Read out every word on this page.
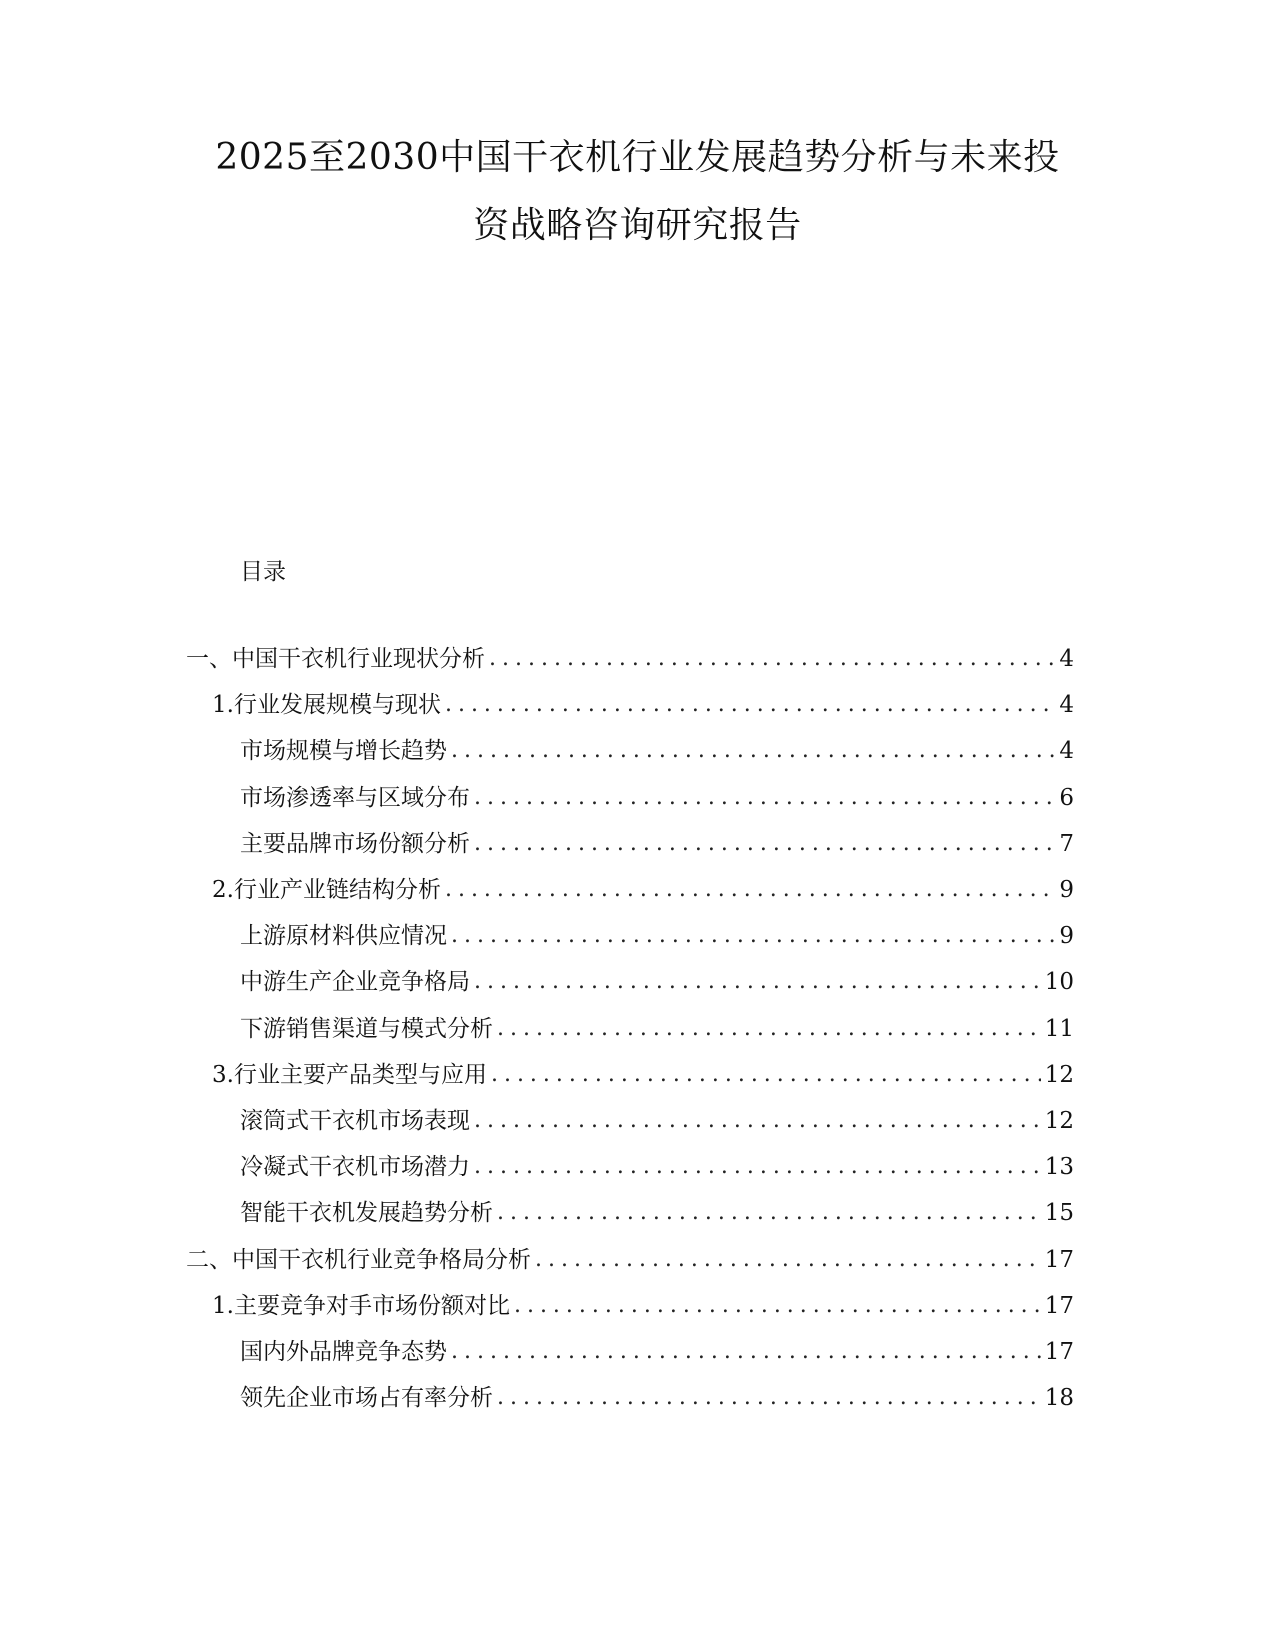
2025至2030中国干衣机行业发展趋势分析与未来投
资战略咨询研究报告
目录
一、中国干衣机行业现状分析 .....	4
1. 行业发展规模与现状 .....	4
市场规模与增长趋势 .....	4
市场渗透率与区域分布 .....	6
主要品牌市场份额分析 .....	7
2. 行业产业链结构分析 .....	9
上游原材料供应情况 .....	9
中游生产企业竞争格局 .....	10
下游销售渠道与模式分析 .....	11
3. 行业主要产品类型与应用 .....	12
滚筒式干衣机市场表现 .....	12
冷凝式干衣机市场潜力 .....	13
智能干衣机发展趋势分析 .....	15
二、中国干衣机行业竞争格局分析 .....	17
1. 主要竞争对手市场份额对比 .....	17
国内外品牌竞争态势 .....	17
领先企业市场占有率分析 .....	18
